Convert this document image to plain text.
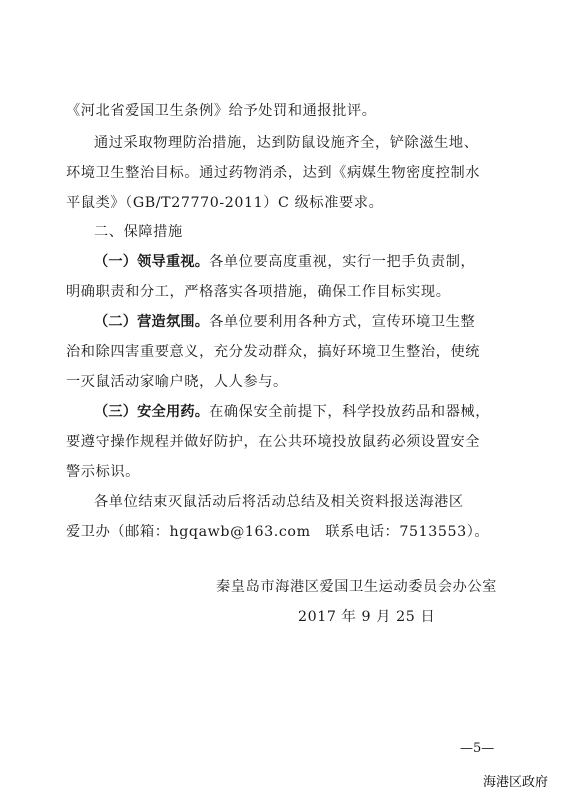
《河北省爱国卫生条例》给予处罚和通报批评。
通过采取物理防治措施，达到防鼠设施齐全，铲除滋生地、
环境卫生整治目标。通过药物消杀，达到《病媒生物密度控制水
平鼠类》（GB/T27770-2011）C 级标准要求。
二、保障措施
（一）领导重视。各单位要高度重视，实行一把手负责制，
明确职责和分工，严格落实各项措施，确保工作目标实现。
（二）营造氛围。各单位要利用各种方式，宣传环境卫生整
治和除四害重要意义，充分发动群众，搞好环境卫生整治，使统
一灭鼠活动家喻户晓，人人参与。
（三）安全用药。在确保安全前提下，科学投放药品和器械，
要遵守操作规程并做好防护，在公共环境投放鼠药必须设置安全
警示标识。
各单位结束灭鼠活动后将活动总结及相关资料报送海港区
爱卫办（邮箱：hgqawb@163.com　联系电话：7513553）。
秦皇岛市海港区爱国卫生运动委员会办公室
2017 年 9 月 25 日
—5—
海港区政府
